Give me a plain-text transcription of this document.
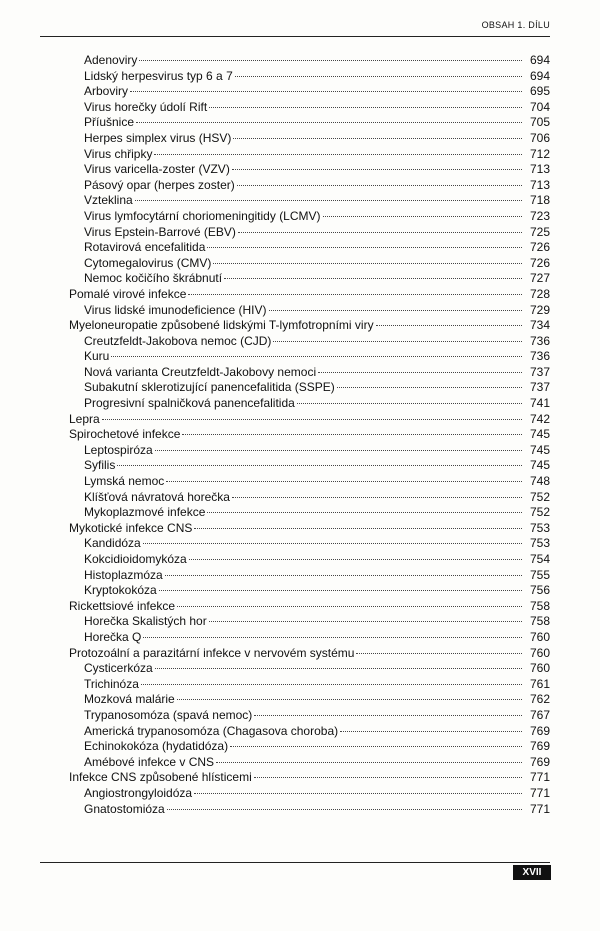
OBSAH 1. DÍLU
Adenoviry	694
Lidský herpesvirus typ 6 a 7	694
Arboviry	695
Virus horečky údolí Rift	704
Příušnice	705
Herpes simplex virus (HSV)	706
Virus chřipky	712
Virus varicella-zoster (VZV)	713
Pásový opar (herpes zoster)	713
Vzteklina	718
Virus lymfocytární choriomeningitidy (LCMV)	723
Virus Epstein-Barrové (EBV)	725
Rotavirová encefalitida	726
Cytomegalovirus (CMV)	726
Nemoc kočičího škrábnutí	727
Pomalé virové infekce	728
Virus lidské imunodeficience (HIV)	729
Myeloneuropatie způsobené lidskými T-lymfotropními viry	734
Creutzfeldt-Jakobova nemoc (CJD)	736
Kuru	736
Nová varianta Creutzfeldt-Jakobovy nemoci	737
Subakutní sklerotizující panencefalitida (SSPE)	737
Progresivní spalničková panencefalitida	741
Lepra	742
Spirochetové infekce	745
Leptospiróza	745
Syfilis	745
Lymská nemoc	748
Klíšťová návratová horečka	752
Mykoplazmové infekce	752
Mykotické infekce CNS	753
Kandidóza	753
Kokcidioidomykóza	754
Histoplazmóza	755
Kryptokokóza	756
Rickettsiové infekce	758
Horečka Skalistých hor	758
Horečka Q	760
Protozoální a parazitární infekce v nervovém systému	760
Cysticerkóza	760
Trichinóza	761
Mozková malárie	762
Trypanosomóza (spavá nemoc)	767
Americká trypanosomóza (Chagasova choroba)	769
Echinokokóza (hydatidóza)	769
Amébové infekce v CNS	769
Infekce CNS způsobené hlísticemi	771
Angiostrongyloidóza	771
Gnatostomióza	771
XVII
